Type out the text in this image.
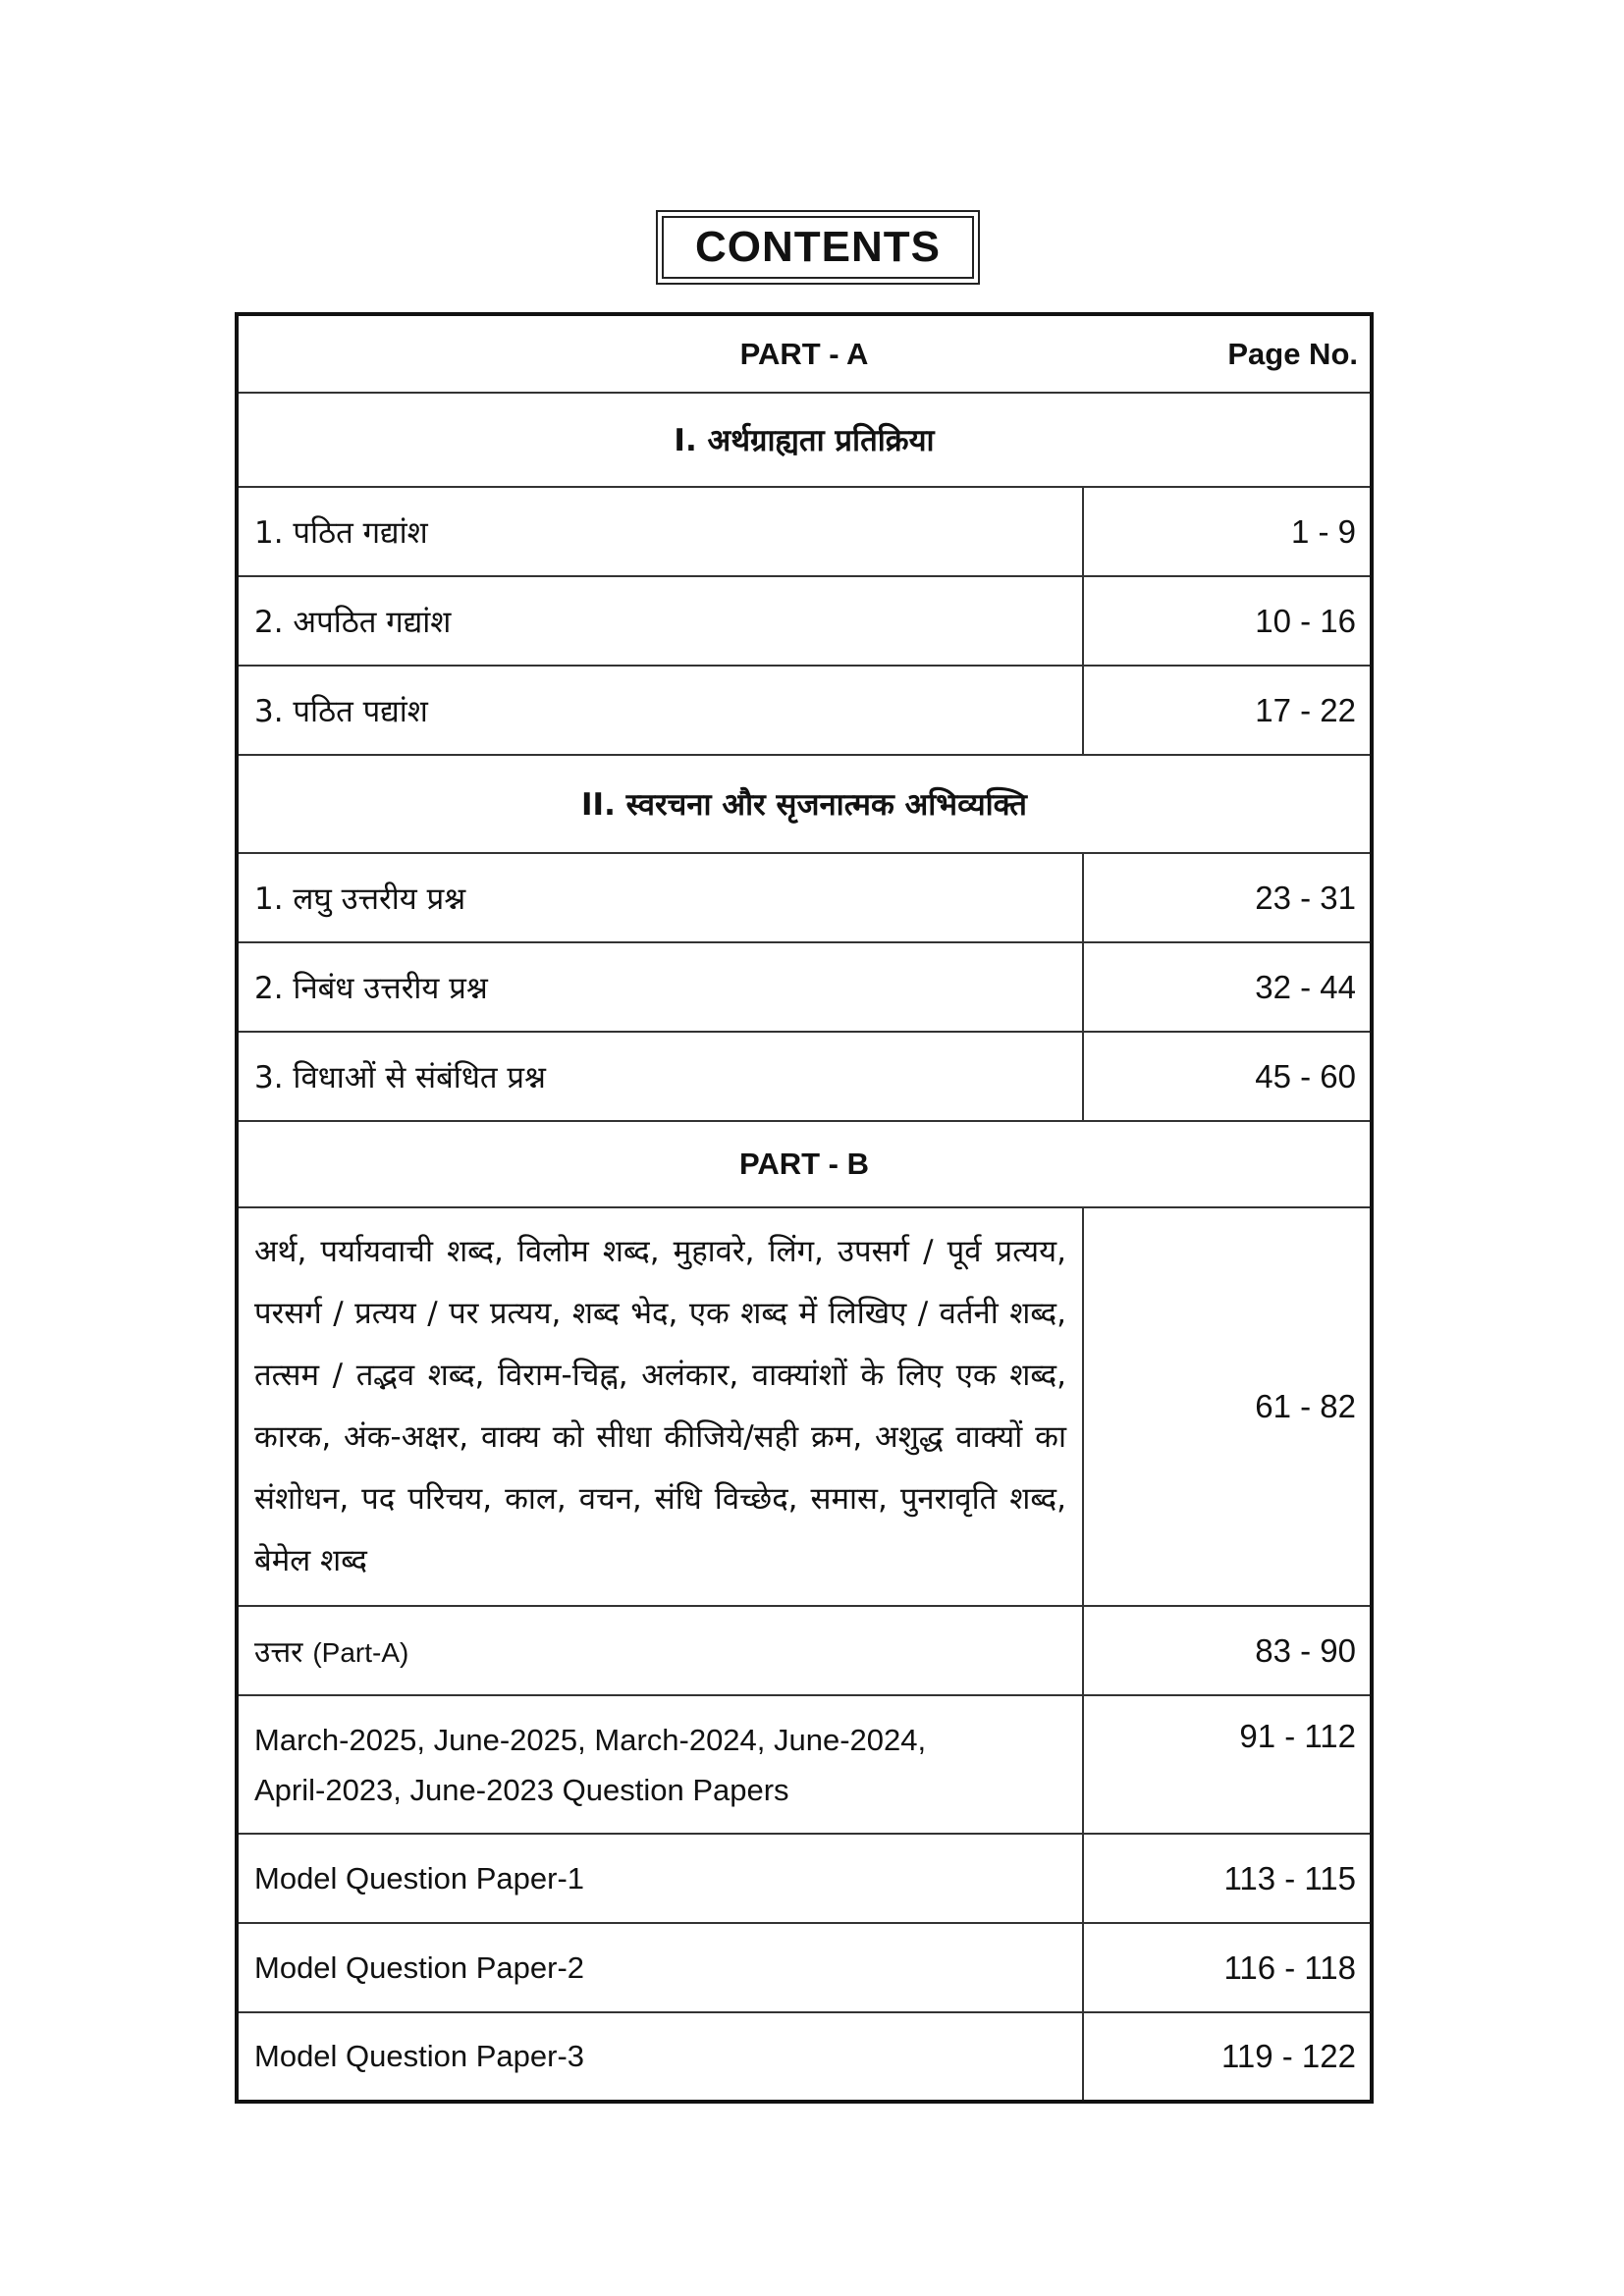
CONTENTS
PART - A Page No.	

I. अर्थग्राह्यता प्रतिक्रिया	
1. पठित गद्यांश	1 - 9
2. अपठित गद्यांश	10 - 16
3. पठित पद्यांश	17 - 22
II. स्वरचना और सृजनात्मक अभिव्यक्ति	
1. लघु उत्तरीय प्रश्न	23 - 31
2. निबंध उत्तरीय प्रश्न	32 - 44
3. विधाओं से संबंधित प्रश्न	45 - 60
PART - B	
अर्थ, पर्यायवाची शब्द, विलोम शब्द, मुहावरे, लिंग, उपसर्ग / पूर्व प्रत्यय, परसर्ग / प्रत्यय / पर प्रत्यय, शब्द भेद, एक शब्द में लिखिए / वर्तनी शब्द, तत्सम / तद्भव शब्द, विराम-चिह्न, अलंकार, वाक्यांशों के लिए एक शब्द, कारक, अंक-अक्षर, वाक्य को सीधा कीजिये/सही क्रम, अशुद्ध वाक्यों का संशोधन, पद परिचय, काल, वचन, संधि विच्छेद, समास, पुनरावृति शब्द, बेमेल शब्द	61 - 82
उत्तर (Part-A)	83 - 90

March-2025, June-2025, March-2024, June-2024,
April-2023, June-2023 Question Papers	91 - 112
Model Question Paper-1	113 - 115
Model Question Paper-2	116 - 118
Model Question Paper-3	119 - 122
